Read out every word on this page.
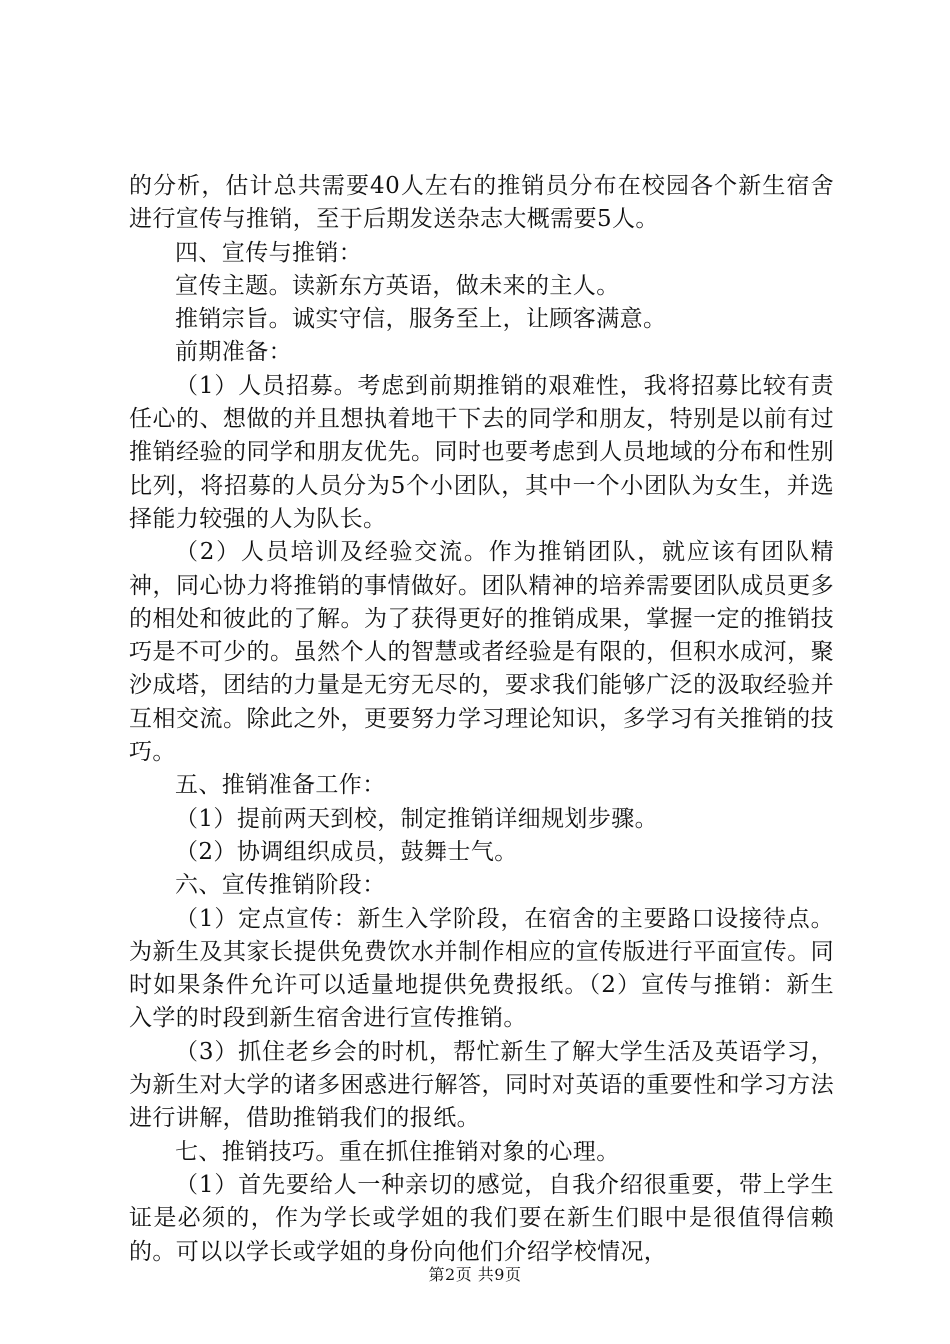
的分析，估计总共需要40人左右的推销员分布在校园各个新生宿舍进行宣传与推销，至于后期发送杂志大概需要5人。

四、宣传与推销：

宣传主题。读新东方英语，做未来的主人。

推销宗旨。诚实守信，服务至上，让顾客满意。

前期准备：

（1）人员招募。考虑到前期推销的艰难性，我将招募比较有责任心的、想做的并且想执着地干下去的同学和朋友，特别是以前有过推销经验的同学和朋友优先。同时也要考虑到人员地域的分布和性别比列，将招募的人员分为5个小团队，其中一个小团队为女生，并选择能力较强的人为队长。

（2）人员培训及经验交流。作为推销团队，就应该有团队精神，同心协力将推销的事情做好。团队精神的培养需要团队成员更多的相处和彼此的了解。为了获得更好的推销成果，掌握一定的推销技巧是不可少的。虽然个人的智慧或者经验是有限的，但积水成河，聚沙成塔，团结的力量是无穷无尽的，要求我们能够广泛的汲取经验并互相交流。除此之外，更要努力学习理论知识，多学习有关推销的技巧。

五、推销准备工作：

（1）提前两天到校，制定推销详细规划步骤。

（2）协调组织成员，鼓舞士气。

六、宣传推销阶段：

（1）定点宣传：新生入学阶段，在宿舍的主要路口设接待点。为新生及其家长提供免费饮水并制作相应的宣传版进行平面宣传。同时如果条件允许可以适量地提供免费报纸。（2）宣传与推销：新生入学的时段到新生宿舍进行宣传推销。

（3）抓住老乡会的时机，帮忙新生了解大学生活及英语学习，为新生对大学的诸多困惑进行解答，同时对英语的重要性和学习方法进行讲解，借助推销我们的报纸。

七、推销技巧。重在抓住推销对象的心理。

（1）首先要给人一种亲切的感觉，自我介绍很重要，带上学生证是必须的，作为学长或学姐的我们要在新生们眼中是很值得信赖的。可以以学长或学姐的身份向他们介绍学校情况，

第2页 共9页
